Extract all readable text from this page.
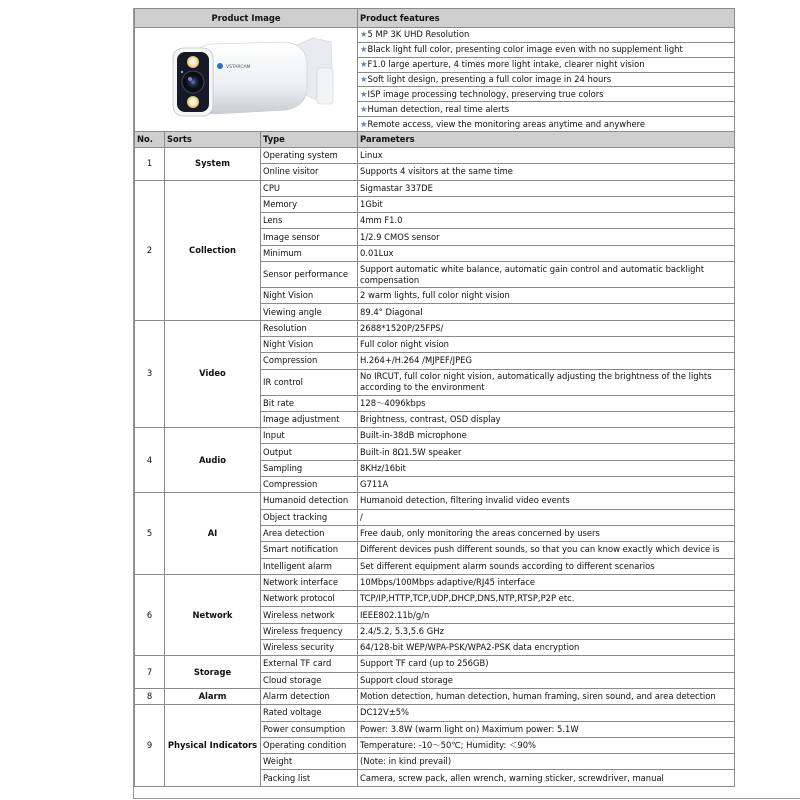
Product Image			Product features

VSTARCAM			★5 MP 3K UHD Resolution
			★Black light full color, presenting color image even with no supplement light
			★F1.0 large aperture, 4 times more light intake, clearer night vision
			★Soft light design, presenting a full color image in 24 hours
			★ISP image processing technology, preserving true colors
			★Human detection, real time alerts
			★Remote access, view the monitoring areas anytime and anywhere
No.	Sorts	Type	Parameters
1	System	Operating system	Linux
		Online visitor	Supports 4 visitors at the same time
2	Collection	CPU	Sigmastar 337DE
		Memory	1Gbit
		Lens	4mm F1.0
		Image sensor	1/2.9 CMOS sensor
		Minimum	0.01Lux
		Sensor performance	Support automatic white balance, automatic gain control and automatic backlight compensation
		Night Vision	2 warm lights, full color night vision
		Viewing angle	89.4° Diagonal
3	Video	Resolution	2688*1520P/25FPS/
		Night Vision	Full color night vision
		Compression	H.264+/H.264 /MJPEF/JPEG
		IR control	No IRCUT, full color night vision, automatically adjusting the brightness of the lights according to the environment
		Bit rate	128～4096kbps
		Image adjustment	Brightness, contrast, OSD display
4	Audio	Input	Built-in-38dB microphone
		Output	Built-in 8Ω1.5W speaker
		Sampling	8KHz/16bit
		Compression	G711A
5	AI	Humanoid detection	Humanoid detection, filtering invalid video events
		Object tracking	/
		Area detection	Free daub, only monitoring the areas concerned by users
		Smart notification	Different devices push different sounds, so that you can know exactly which device is
		Intelligent alarm	Set different equipment alarm sounds according to different scenarios
6	Network	Network interface	10Mbps/100Mbps adaptive/RJ45 interface
		Network protocol	TCP/IP,HTTP,TCP,UDP,DHCP,DNS,NTP,RTSP,P2P etc.
		Wireless network	IEEE802.11b/g/n
		Wireless frequency	2.4/5.2, 5.3,5.6 GHz
		Wireless security	64/128-bit WEP/WPA-PSK/WPA2-PSK data encryption
7	Storage	External TF card	Support TF card (up to 256GB)
		Cloud storage	Support cloud storage
8	Alarm	Alarm detection	Motion detection, human detection, human framing, siren sound, and area detection
9	Physical Indicators	Rated voltage	DC12V±5%
		Power consumption	Power: 3.8W (warm light on) Maximum power: 5.1W
		Operating condition	Temperature: -10～50℃; Humidity: ＜90%
		Weight	(Note: in kind prevail)
		Packing list	Camera, screw pack, allen wrench, warning sticker, screwdriver, manual
